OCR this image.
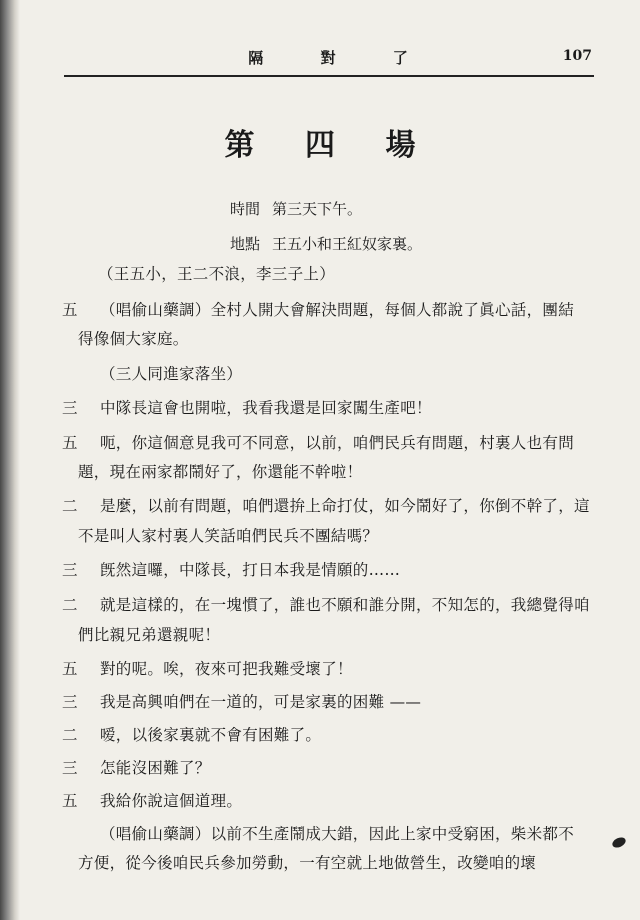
隔	對	了	107
第 四 場
時間 第三天下午。
地點 王五小和王紅奴家裏。
（王五小，王二不浪，李三子上）
五	（唱偷山藥調）全村人開大會解決問題，每個人都說了眞心話，團結
得像個大家庭。
（三人同進家落坐）
三	中隊長這會也開啦，我看我還是回家闖生產吧！
五	呃，你這個意見我可不同意，以前，咱們民兵有問題，村裏人也有問
題，現在兩家都鬧好了，你還能不幹啦！
二	是麼，以前有問題，咱們還拚上命打仗，如今鬧好了，你倒不幹了，這
不是叫人家村裏人笑話咱們民兵不團結嗎？
三	旣然這囉，中隊長，打日本我是情願的……
二	就是這樣的，在一塊慣了，誰也不願和誰分開，不知怎的，我總覺得咱
們比親兄弟還親呢！
五	對的呢。唉，夜來可把我難受壞了！
三	我是高興咱們在一道的，可是家裏的困難 ——
二	嗳，以後家裏就不會有困難了。
三	怎能沒困難了？
五	我給你說這個道理。
（唱偷山藥調）以前不生產鬧成大錯，因此上家中受窮困，柴米都不
方便，從今後咱民兵參加勞動，一有空就上地做營生，改變咱的壞
